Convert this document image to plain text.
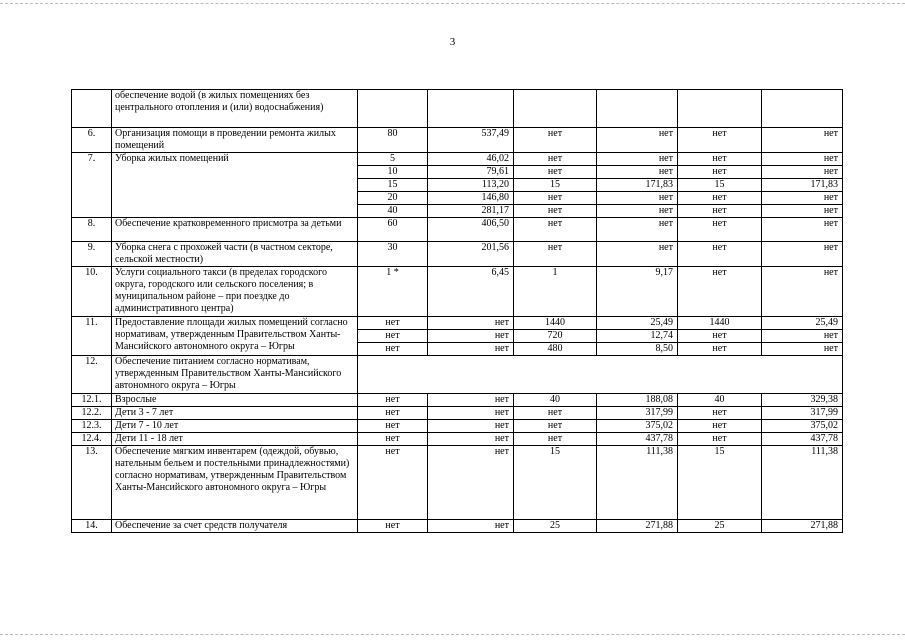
3
	обеспечение водой (в жилых помещениях без центрального отопления и (или) водоснабжения)						
6.	Организация помощи в проведении ремонта жилых помещений	80	537,49	нет	нет	нет	нет
7.	Уборка жилых помещений	5	46,02	нет	нет	нет	нет
		10	79,61	нет	нет	нет	нет
		15	113,20	15	171,83	15	171,83
		20	146,80	нет	нет	нет	нет
		40	281,17	нет	нет	нет	нет
8.	Обеспечение кратковременного присмотра за детьми	60	406,50	нет	нет	нет	нет
9.	Уборка снега с прохожей части (в частном секторе, сельской местности)	30	201,56	нет	нет	нет	нет
10.	Услуги социального такси (в пределах городского округа, городского или сельского поселения; в муниципальном районе – при поездке до административного центра)	1 *	6,45	1	9,17	нет	нет
11.	Предоставление площади жилых помещений согласно нормативам, утвержденным Правительством Ханты-Мансийского автономного округа – Югры	нет	нет	1440	25,49	1440	25,49
		нет	нет	720	12,74	нет	нет
		нет	нет	480	8,50	нет	нет
12.	Обеспечение питанием согласно нормативам, утвержденным Правительством Ханты-Мансийского автономного округа – Югры						
12.1.	Взрослые	нет	нет	40	188,08	40	329,38
12.2.	Дети 3 - 7 лет	нет	нет	нет	317,99	нет	317,99
12.3.	Дети 7 - 10 лет	нет	нет	нет	375,02	нет	375,02
12.4.	Дети 11 - 18 лет	нет	нет	нет	437,78	нет	437,78
13.	Обеспечение мягким инвентарем (одеждой, обувью, нательным бельем и постельными принадлежностями) согласно нормативам, утвержденным Правительством Ханты-Мансийского автономного округа – Югры	нет	нет	15	111,38	15	111,38
14.	Обеспечение за счет средств получателя	нет	нет	25	271,88	25	271,88
